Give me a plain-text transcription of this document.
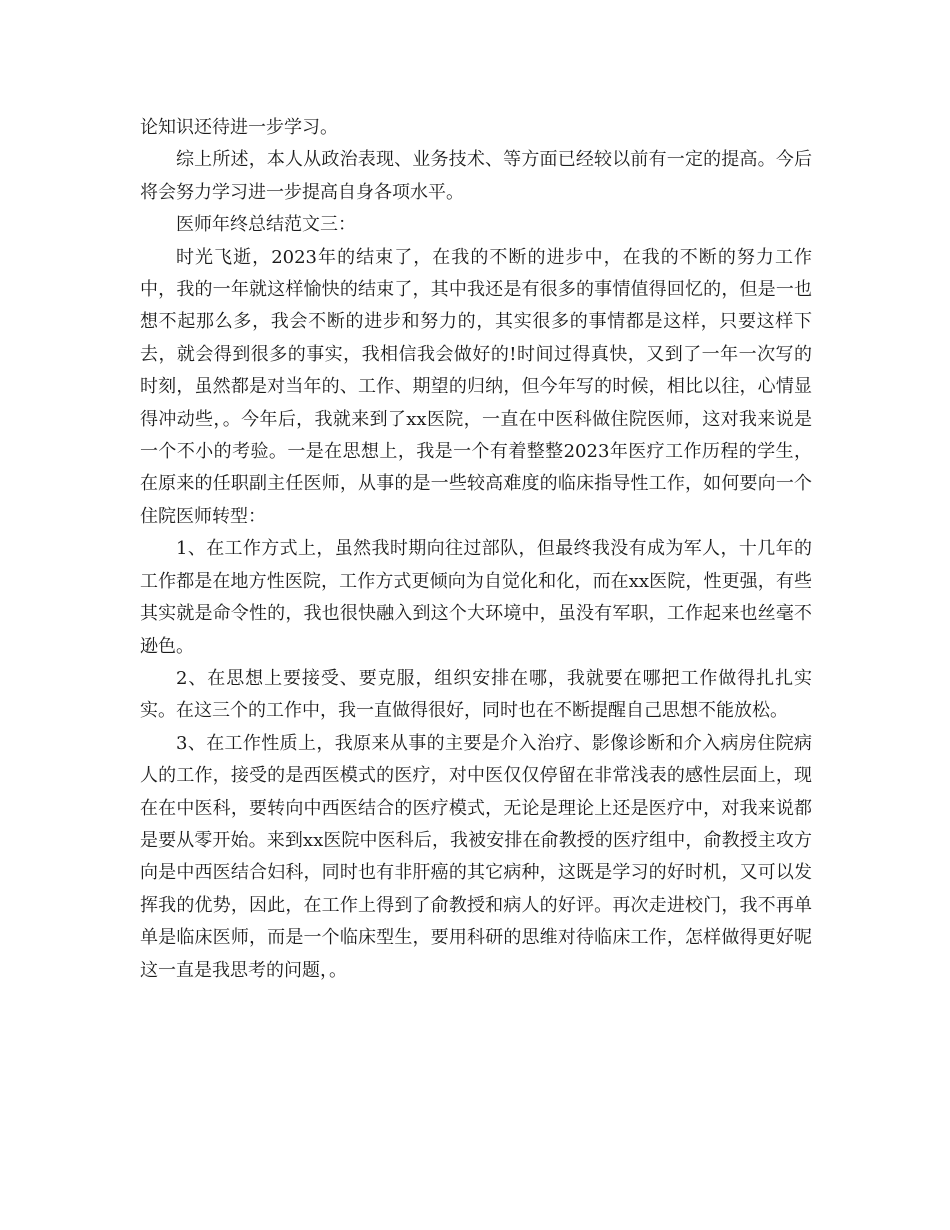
论知识还待进一步学习。

综上所述，本人从政治表现、业务技术、等方面已经较以前有一定的提高。今后将会努力学习进一步提高自身各项水平。

医师年终总结范文三：

时光飞逝，2023年的结束了，在我的不断的进步中，在我的不断的努力工作中，我的一年就这样愉快的结束了，其中我还是有很多的事情值得回忆的，但是一也想不起那么多，我会不断的进步和努力的，其实很多的事情都是这样，只要这样下去，就会得到很多的事实，我相信我会做好的!时间过得真快，又到了一年一次写的时刻，虽然都是对当年的、工作、期望的归纳，但今年写的时候，相比以往，心情显得冲动些，。今年后，我就来到了xx医院，一直在中医科做住院医师，这对我来说是一个不小的考验。一是在思想上，我是一个有着整整2023年医疗工作历程的学生，在原来的任职副主任医师，从事的是一些较高难度的临床指导性工作，如何要向一个住院医师转型：

1、在工作方式上，虽然我时期向往过部队，但最终我没有成为军人，十几年的工作都是在地方性医院，工作方式更倾向为自觉化和化，而在xx医院，性更强，有些其实就是命令性的，我也很快融入到这个大环境中，虽没有军职，工作起来也丝毫不逊色。

2、在思想上要接受、要克服，组织安排在哪，我就要在哪把工作做得扎扎实实。在这三个的工作中，我一直做得很好，同时也在不断提醒自己思想不能放松。

3、在工作性质上，我原来从事的主要是介入治疗、影像诊断和介入病房住院病人的工作，接受的是西医模式的医疗，对中医仅仅停留在非常浅表的感性层面上，现在在中医科，要转向中西医结合的医疗模式，无论是理论上还是医疗中，对我来说都是要从零开始。来到xx医院中医科后，我被安排在俞教授的医疗组中，俞教授主攻方向是中西医结合妇科，同时也有非肝癌的其它病种，这既是学习的好时机，又可以发挥我的优势，因此，在工作上得到了俞教授和病人的好评。再次走进校门，我不再单单是临床医师，而是一个临床型生，要用科研的思维对待临床工作，怎样做得更好呢这一直是我思考的问题，。
